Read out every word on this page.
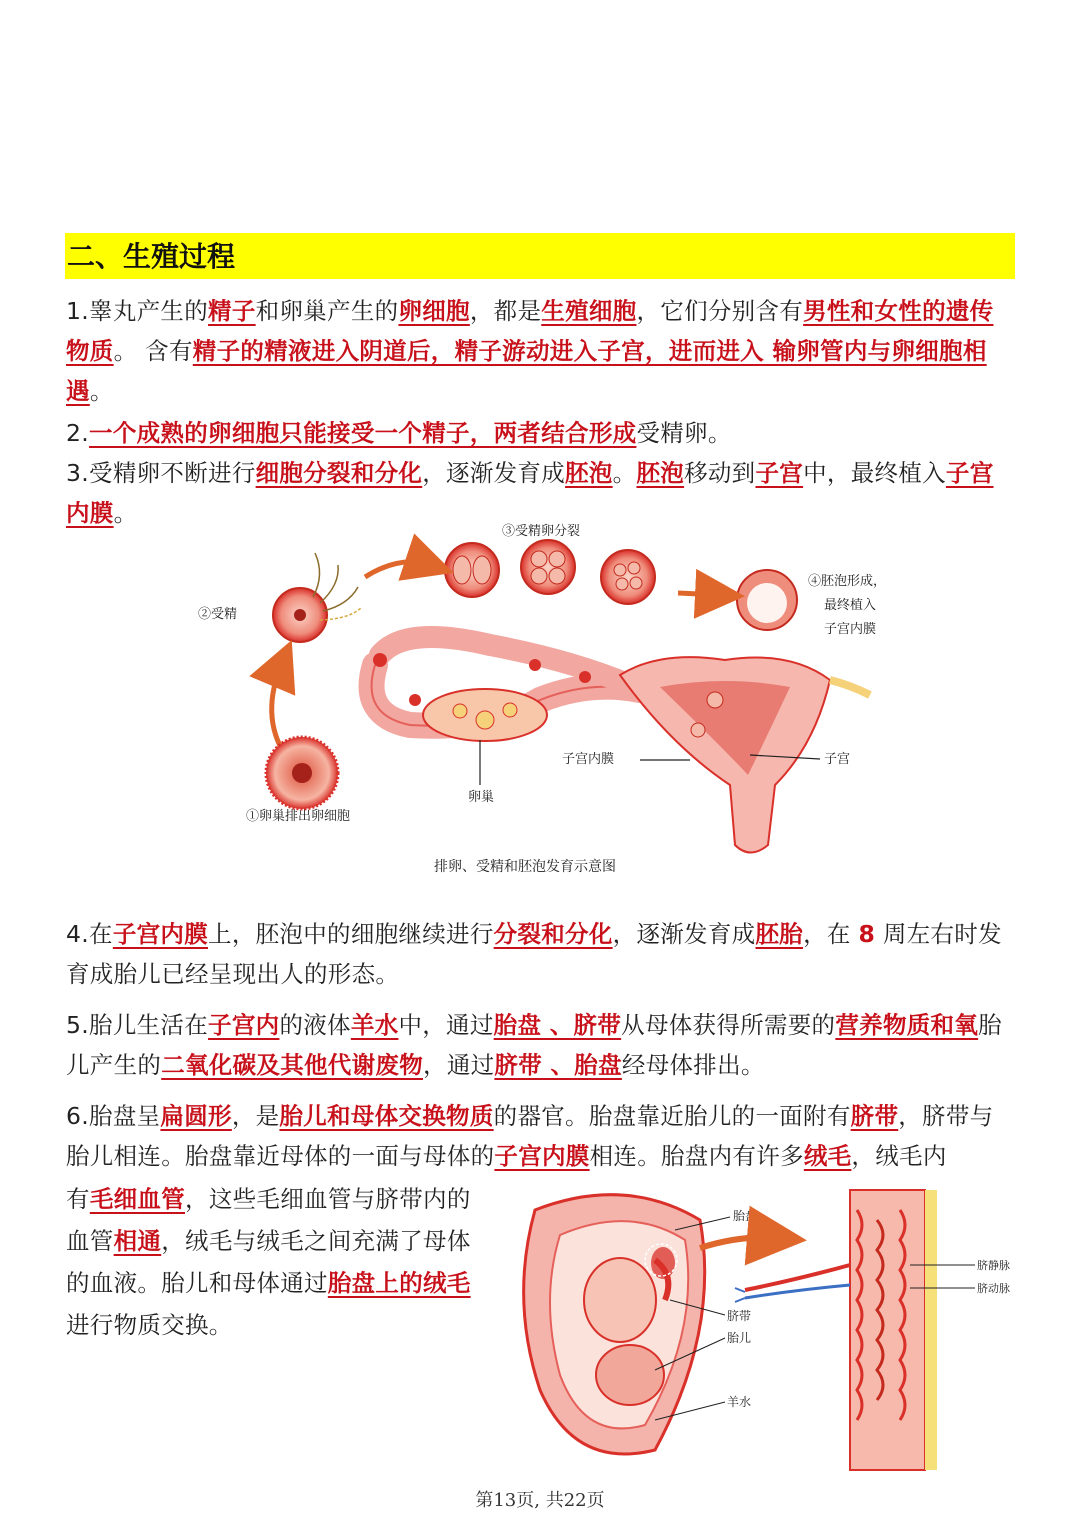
二、生殖过程
1.睾丸产生的精子和卵巢产生的卵细胞，都是生殖细胞，它们分别含有男性和女性的遗传物质。 含有精子的精液进入阴道后，精子游动进入子宫，进而进入 输卵管内与卵细胞相遇。
2.一个成熟的卵细胞只能接受一个精子，两者结合形成受精卵。
3.受精卵不断进行细胞分裂和分化，逐渐发育成胚泡。胚泡移动到子宫中，最终植入子宫内膜。
②受精
③受精卵分裂
④胚泡形成，
最终植入
子宫内膜
①卵巢排出卵细胞
卵巢
子宫内膜	子宫
排卵、受精和胚泡发育示意图
4.在子宫内膜上，胚泡中的细胞继续进行分裂和分化，逐渐发育成胚胎，在 8 周左右时发育成胎儿已经呈现出人的形态。
5.胎儿生活在子宫内的液体羊水中，通过胎盘 、脐带从母体获得所需要的营养物质和氧胎儿产生的二氧化碳及其他代谢废物，通过脐带 、胎盘经母体排出。
6.胎盘呈扁圆形，是胎儿和母体交换物质的器官。胎盘靠近胎儿的一面附有脐带，脐带与胎儿相连。胎盘靠近母体的一面与母体的子宫内膜相连。胎盘内有许多绒毛，绒毛内
有毛细血管，这些毛细血管与脐带内的血管相通，绒毛与绒毛之间充满了母体的血液。胎儿和母体通过胎盘上的绒毛进行物质交换。
胎盘
脐带
胎儿
羊水
脐静脉
脐动脉
第13页, 共22页
